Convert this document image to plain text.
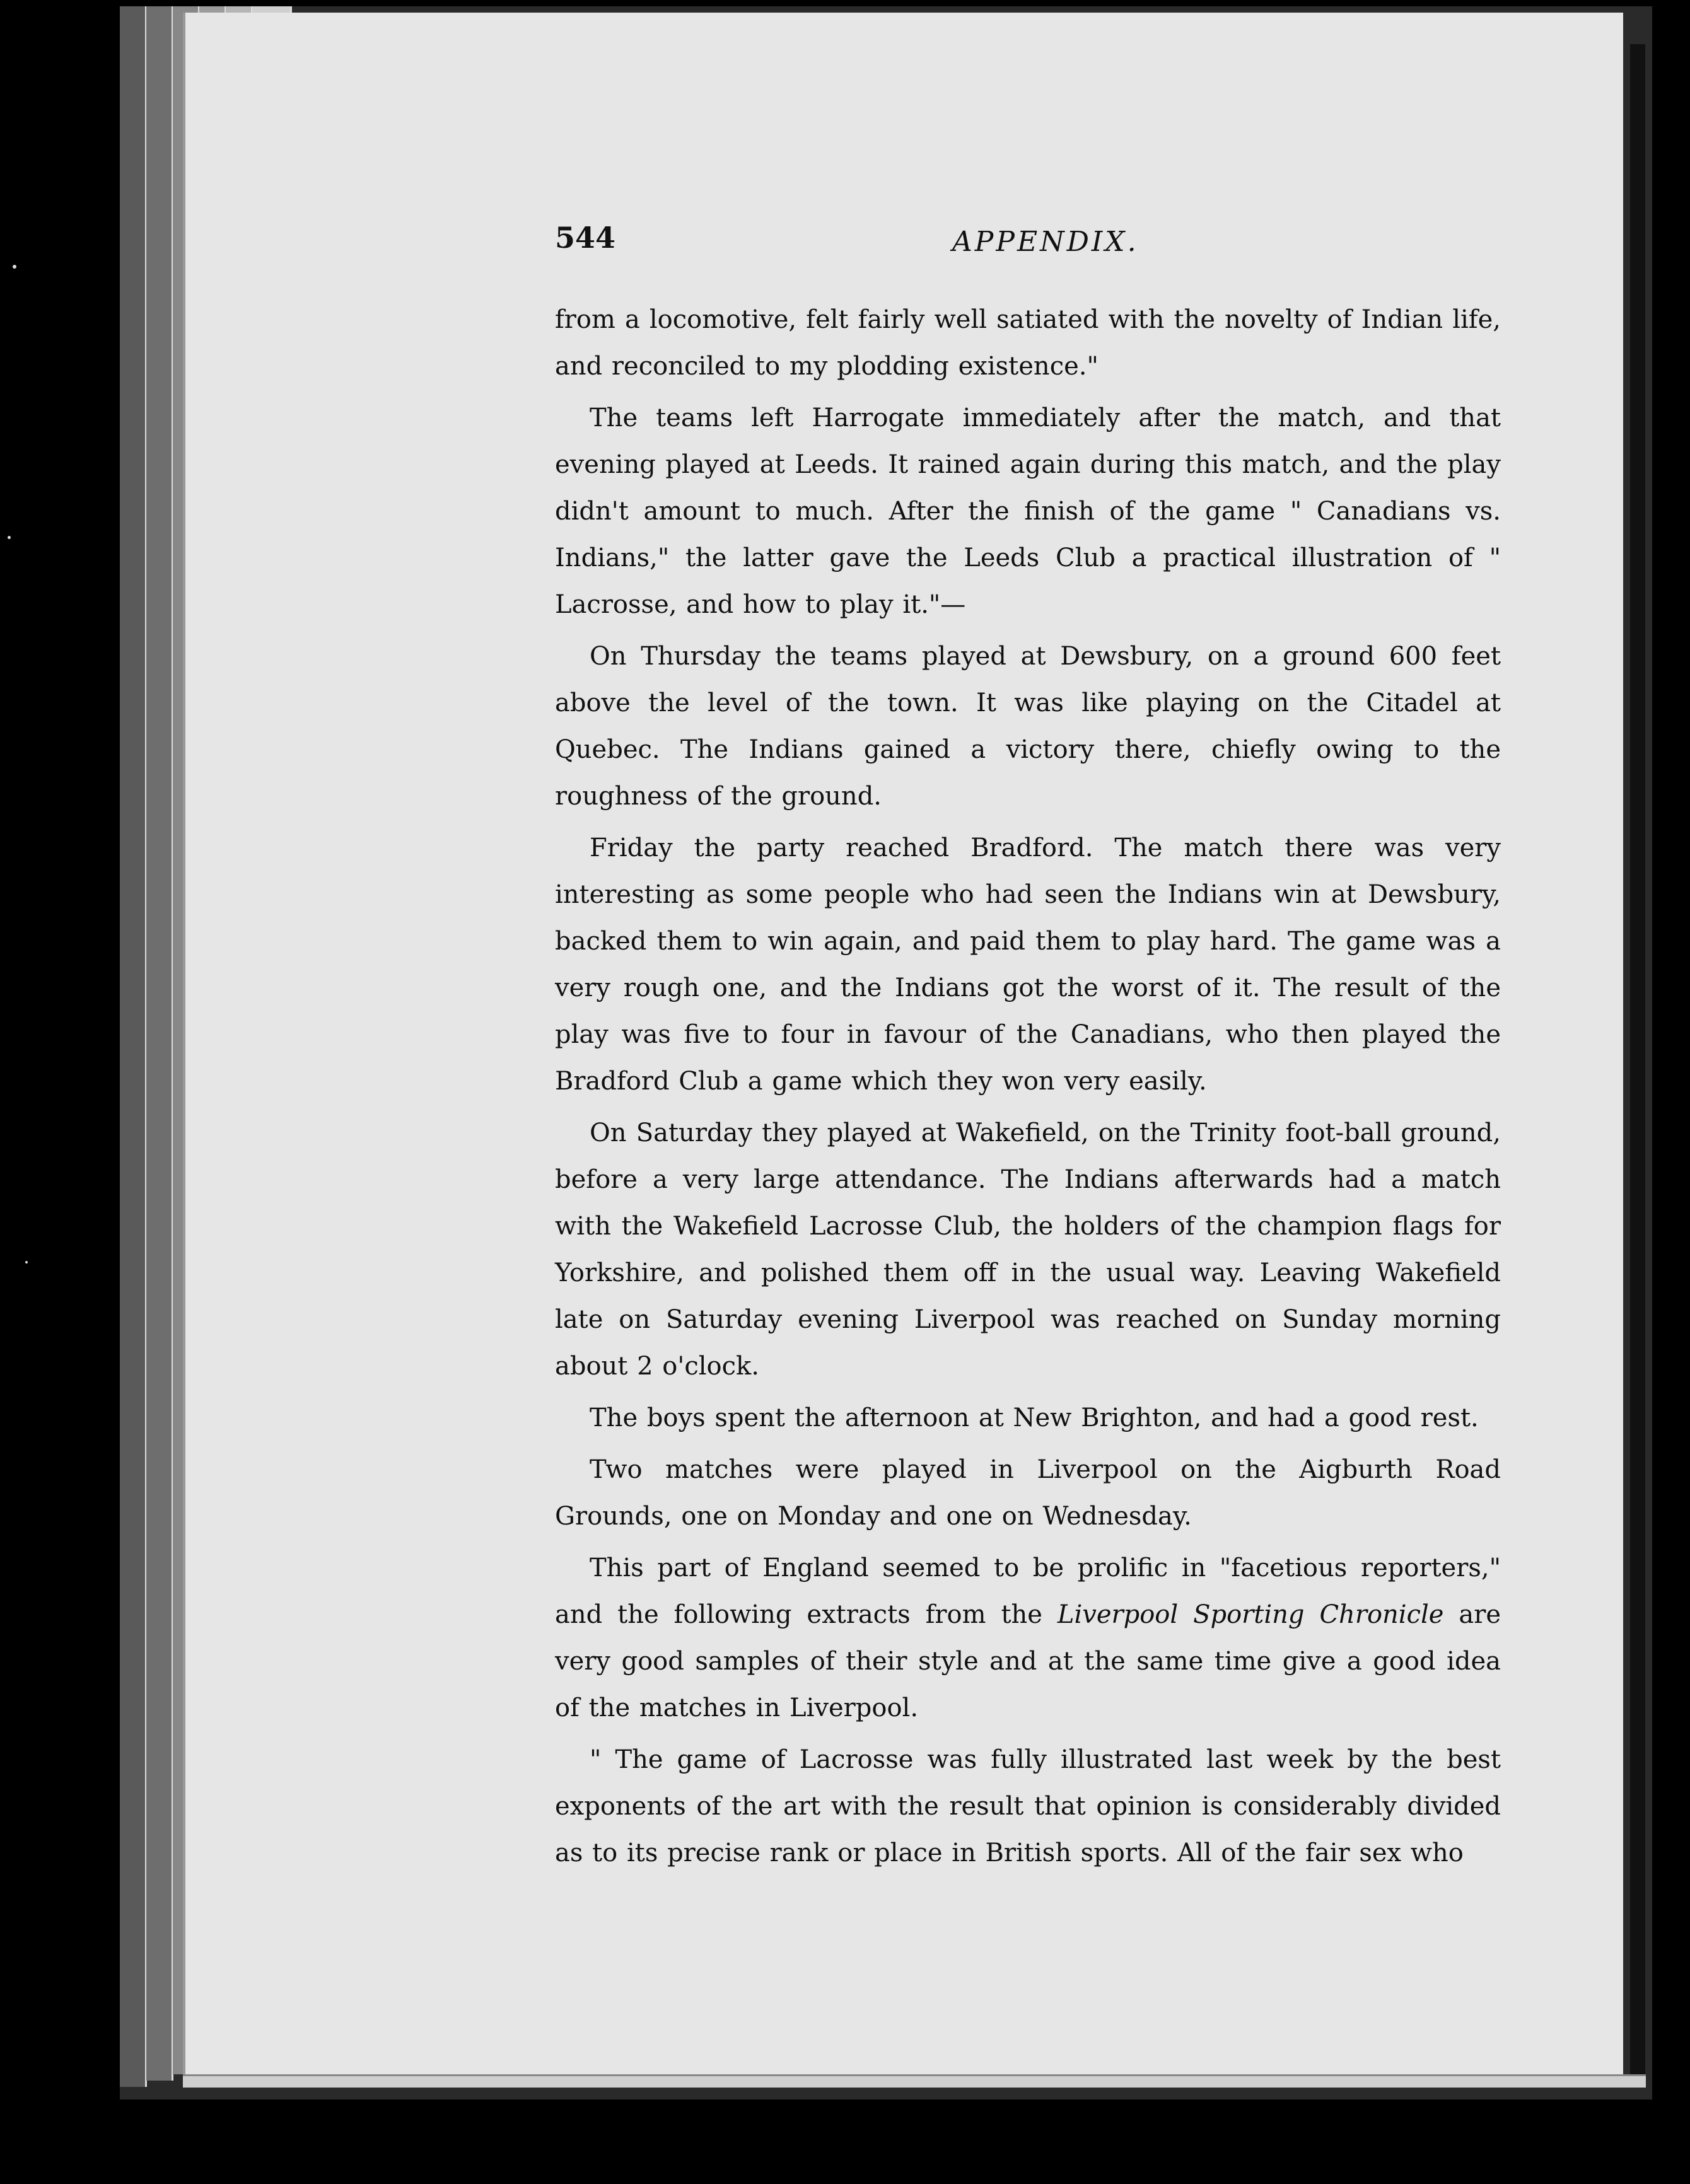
544	APPENDIX.

from a locomotive, felt fairly well satiated with the novelty of Indian life, and reconciled to my plodding existence."

The teams left Harrogate immediately after the match, and that evening played at Leeds. It rained again during this match, and the play didn't amount to much. After the finish of the game " Canadians vs. Indians," the latter gave the Leeds Club a practical illustration of " Lacrosse, and how to play it."—

On Thursday the teams played at Dewsbury, on a ground 600 feet above the level of the town. It was like playing on the Citadel at Quebec. The Indians gained a victory there, chiefly owing to the roughness of the ground.

Friday the party reached Bradford. The match there was very interesting as some people who had seen the Indians win at Dewsbury, backed them to win again, and paid them to play hard. The game was a very rough one, and the Indians got the worst of it. The result of the play was five to four in favour of the Canadians, who then played the Bradford Club a game which they won very easily.

On Saturday they played at Wakefield, on the Trinity foot-ball ground, before a very large attendance. The Indians afterwards had a match with the Wakefield Lacrosse Club, the holders of the champion flags for Yorkshire, and polished them off in the usual way. Leaving Wakefield late on Saturday evening Liverpool was reached on Sunday morning about 2 o'clock.

The boys spent the afternoon at New Brighton, and had a good rest.

Two matches were played in Liverpool on the Aigburth Road Grounds, one on Monday and one on Wednesday.

This part of England seemed to be prolific in "facetious reporters," and the following extracts from the Liverpool Sporting Chronicle are very good samples of their style and at the same time give a good idea of the matches in Liverpool.

" The game of Lacrosse was fully illustrated last week by the best exponents of the art with the result that opinion is considerably divided as to its precise rank or place in British sports. All of the fair sex who
